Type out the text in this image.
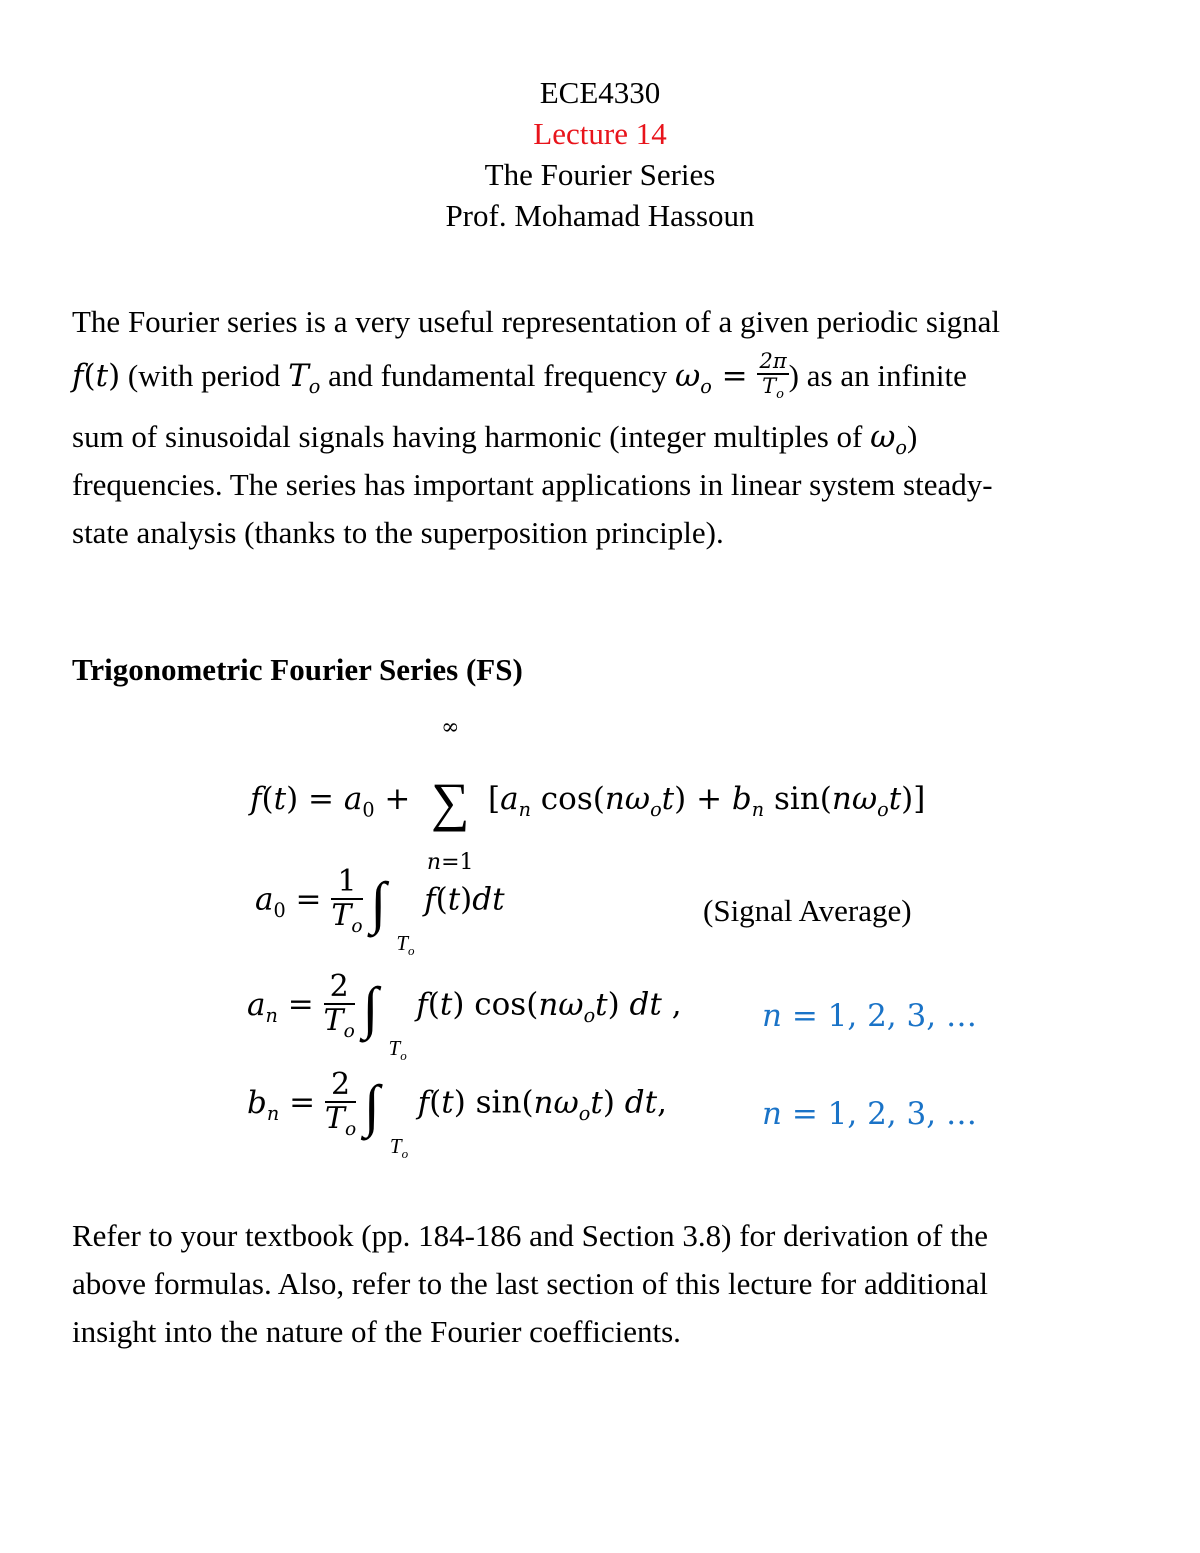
ECE4330
Lecture 14
The Fourier Series
Prof. Mohamad Hassoun
The Fourier series is a very useful representation of a given periodic signal
f(t) (with period $T_o$ and fundamental frequency $\omega_o = \frac{2\pi}{T_o}$ ) as an infinite
sum of sinusoidal signals having harmonic (integer multiples of $\omega_o$)
frequencies. The series has important applications in linear system steady-
state analysis (thanks to the superposition principle).
Trigonometric Fourier Series (FS)
$f(t) = a_0$ +
∞
∑
n=1
[$a_n$ $\cos(n\omega_ot) + b_n$ $\sin(n\omega_ot)$]
$a_0 = \frac{1}{T_o}$ ∫
$T_o$
f(t)dt	(Signal Average)
$a_n = \frac{2}{T_o}$ ∫
$T_o$
f(t) $\cos(n\omega_ot)$ dt ,	n = 1, 2, 3, …
$b_n = \frac{2}{T_o}$ ∫
$T_o$
f(t) $\sin(n\omega_ot)$ dt,	n = 1, 2, 3, …
Refer to your textbook (pp. 184-186 and Section 3.8) for derivation of the
above formulas. Also, refer to the last section of this lecture for additional
insight into the nature of the Fourier coefficients.
